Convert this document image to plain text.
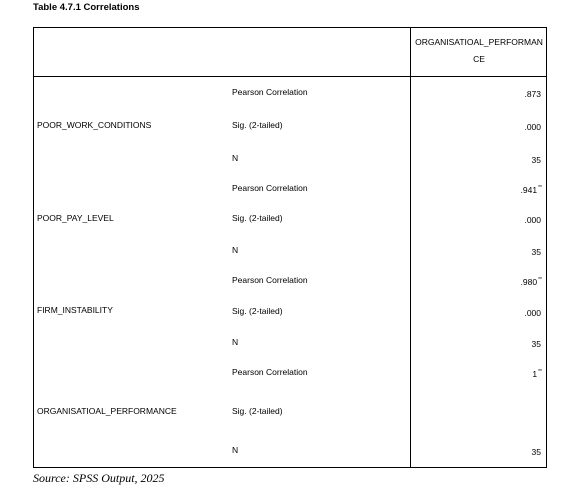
Table 4.7.1 Correlations
ORGANISATIOAL_PERFORMANCE
POOR_WORK_CONDITIONS
Pearson Correlation
Sig. (2-tailed)
N
.873
.000
35
POOR_PAY_LEVEL
Pearson Correlation
Sig. (2-tailed)
N
.941**
.000
35
FIRM_INSTABILITY
Pearson Correlation
Sig. (2-tailed)
N
.980**
.000
35
ORGANISATIOAL_PERFORMANCE
Pearson Correlation
Sig. (2-tailed)
N
1**
35
Source: SPSS Output, 2025
